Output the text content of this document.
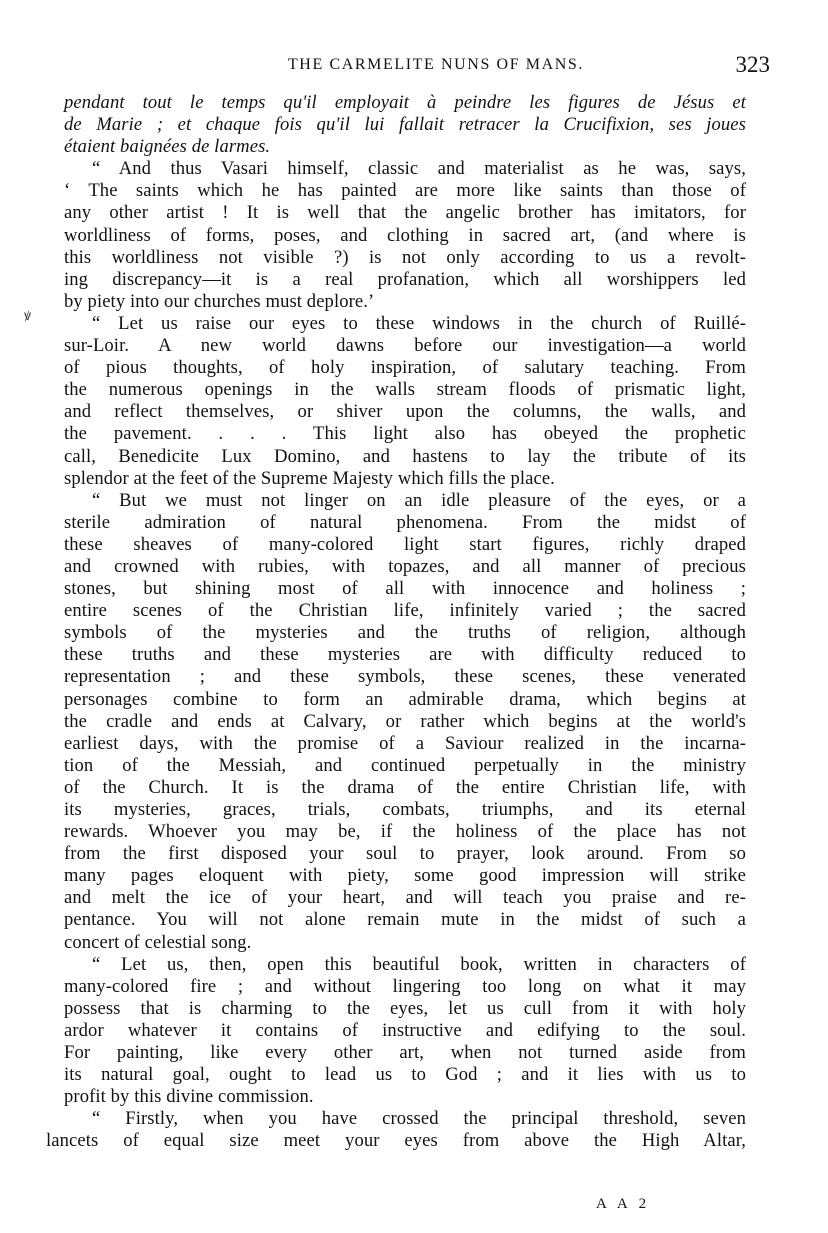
THE CARMELITE NUNS OF MANS.	323
ꝟ
pendant tout le temps qu'il employait à peindre les figures de Jésus et
de Marie ; et chaque fois qu'il lui fallait retracer la Crucifixion, ses joues
étaient baignées de larmes.
“ And thus Vasari himself, classic and materialist as he was, says,
‘ The saints which he has painted are more like saints than those of
any other artist ! It is well that the angelic brother has imitators, for
worldliness of forms, poses, and clothing in sacred art, (and where is
this worldliness not visible ?) is not only according to us a revolt-
ing discrepancy—it is a real profanation, which all worshippers led
by piety into our churches must deplore.’
“ Let us raise our eyes to these windows in the church of Ruillé-
sur-Loir. A new world dawns before our investigation—a world
of pious thoughts, of holy inspiration, of salutary teaching. From
the numerous openings in the walls stream floods of prismatic light,
and reflect themselves, or shiver upon the columns, the walls, and
the pavement. . . . This light also has obeyed the prophetic
call, Benedicite Lux Domino, and hastens to lay the tribute of its
splendor at the feet of the Supreme Majesty which fills the place.
“ But we must not linger on an idle pleasure of the eyes, or a
sterile admiration of natural phenomena. From the midst of
these sheaves of many-colored light start figures, richly draped
and crowned with rubies, with topazes, and all manner of precious
stones, but shining most of all with innocence and holiness ;
entire scenes of the Christian life, infinitely varied ; the sacred
symbols of the mysteries and the truths of religion, although
these truths and these mysteries are with difficulty reduced to
representation ; and these symbols, these scenes, these venerated
personages combine to form an admirable drama, which begins at
the cradle and ends at Calvary, or rather which begins at the world's
earliest days, with the promise of a Saviour realized in the incarna-
tion of the Messiah, and continued perpetually in the ministry
of the Church. It is the drama of the entire Christian life, with
its mysteries, graces, trials, combats, triumphs, and its eternal
rewards. Whoever you may be, if the holiness of the place has not
from the first disposed your soul to prayer, look around. From so
many pages eloquent with piety, some good impression will strike
and melt the ice of your heart, and will teach you praise and re-
pentance. You will not alone remain mute in the midst of such a
concert of celestial song.
“ Let us, then, open this beautiful book, written in characters of
many-colored fire ; and without lingering too long on what it may
possess that is charming to the eyes, let us cull from it with holy
ardor whatever it contains of instructive and edifying to the soul.
For painting, like every other art, when not turned aside from
its natural goal, ought to lead us to God ; and it lies with us to
profit by this divine commission.
“ Firstly, when you have crossed the principal threshold, seven
lancets of equal size meet your eyes from above the High Altar,
A A 2
